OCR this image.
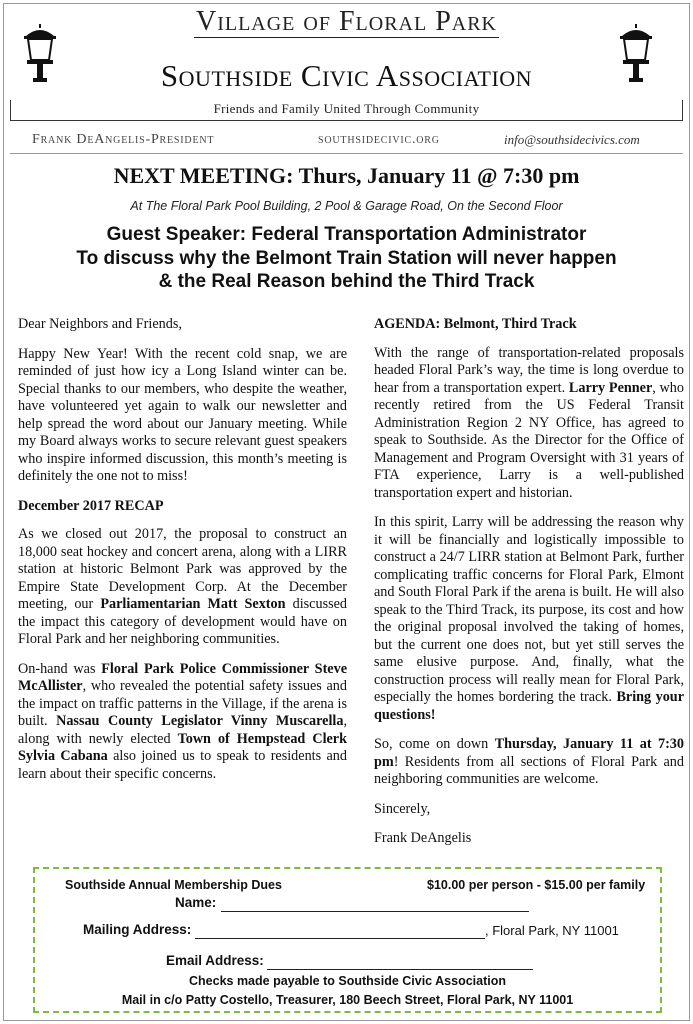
Village of Floral Park
Southside Civic Association
Friends and Family United Through Community
Frank DeAngelis-President	southsidecivic.org	info@southsidecivics.com
NEXT MEETING: Thurs, January 11 @ 7:30 pm
At The Floral Park Pool Building, 2 Pool & Garage Road, On the Second Floor
Guest Speaker: Federal Transportation Administrator
To discuss why the Belmont Train Station will never happen
& the Real Reason behind the Third Track

Dear Neighbors and Friends,

Happy New Year! With the recent cold snap, we are reminded of just how icy a Long Island winter can be. Special thanks to our members, who despite the weather, have volunteered yet again to walk our newsletter and help spread the word about our January meeting. While my Board always works to secure relevant guest speakers who inspire informed discussion, this month’s meeting is definitely the one not to miss!

December 2017 RECAP

As we closed out 2017, the proposal to construct an 18,000 seat hockey and concert arena, along with a LIRR station at historic Belmont Park was approved by the Empire State Development Corp. At the December meeting, our Parliamentarian Matt Sexton discussed the impact this category of development would have on Floral Park and her neighboring communities.

On-hand was Floral Park Police Commissioner Steve McAllister, who revealed the potential safety issues and the impact on traffic patterns in the Village, if the arena is built. Nassau County Legislator Vinny Muscarella, along with newly elected Town of Hempstead Clerk Sylvia Cabana also joined us to speak to residents and learn about their specific concerns.

AGENDA: Belmont, Third Track

With the range of transportation-related proposals headed Floral Park’s way, the time is long overdue to hear from a transportation expert. Larry Penner, who recently retired from the US Federal Transit Administration Region 2 NY Office, has agreed to speak to Southside. As the Director for the Office of Management and Program Oversight with 31 years of FTA experience, Larry is a well-published transportation expert and historian.

In this spirit, Larry will be addressing the reason why it will be financially and logistically impossible to construct a 24/7 LIRR station at Belmont Park, further complicating traffic concerns for Floral Park, Elmont and South Floral Park if the arena is built. He will also speak to the Third Track, its purpose, its cost and how the original proposal involved the taking of homes, but the current one does not, but yet still serves the same elusive purpose. And, finally, what the construction process will really mean for Floral Park, especially the homes bordering the track. Bring your questions!

So, come on down Thursday, January 11 at 7:30 pm! Residents from all sections of Floral Park and neighboring communities are welcome.

Sincerely,

Frank DeAngelis

Southside Annual Membership Dues	$10.00 per person - $15.00 per family
Name:
Mailing Address:	, Floral Park, NY 11001
Email Address:
Checks made payable to Southside Civic Association
Mail in c/o Patty Costello, Treasurer, 180 Beech Street, Floral Park, NY 11001
